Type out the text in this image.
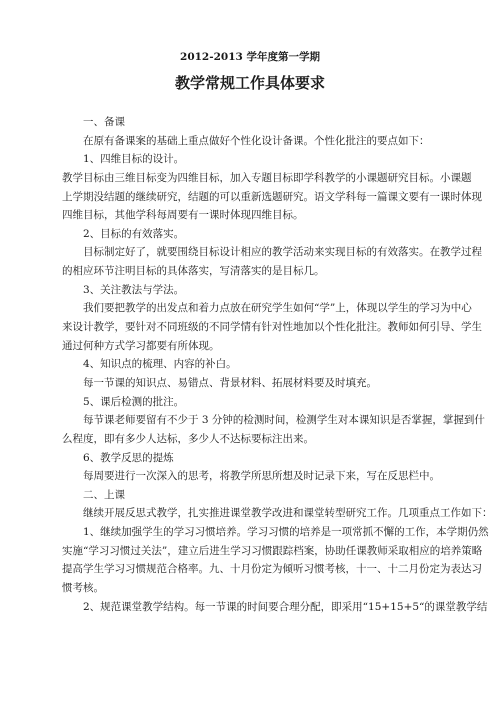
2012-2013 学年度第一学期
教学常规工作具体要求
一、备课
在原有备课案的基础上重点做好个性化设计备课。个性化批注的要点如下：
1、四维目标的设计。
教学目标由三维目标变为四维目标，加入专题目标即学科教学的小课题研究目标。小课题
上学期没结题的继续研究，结题的可以重新选题研究。语文学科每一篇课文要有一课时体现
四维目标，其他学科每周要有一课时体现四维目标。
2、目标的有效落实。
目标制定好了，就要围绕目标设计相应的教学活动来实现目标的有效落实。在教学过程
的相应环节注明目标的具体落实，写清落实的是目标几。
3、关注教法与学法。
我们要把教学的出发点和着力点放在研究学生如何“学”上，体现以学生的学习为中心
来设计教学，要针对不同班级的不同学情有针对性地加以个性化批注。教师如何引导、学生
通过何种方式学习都要有所体现。
4、知识点的梳理、内容的补白。
每一节课的知识点、易错点、背景材料、拓展材料要及时填充。
5、课后检测的批注。
每节课老师要留有不少于 3 分钟的检测时间，检测学生对本课知识是否掌握，掌握到什
么程度，即有多少人达标，多少人不达标要标注出来。
6、教学反思的提炼
每周要进行一次深入的思考，将教学所思所想及时记录下来，写在反思栏中。
二、上课
继续开展反思式教学，扎实推进课堂教学改进和课堂转型研究工作。几项重点工作如下：
1、继续加强学生的学习习惯培养。学习习惯的培养是一项常抓不懈的工作，本学期仍然
实施“学习习惯过关法”，建立后进生学习习惯跟踪档案，协助任课教师采取相应的培养策略
提高学生学习习惯规范合格率。九、十月份定为倾听习惯考核，十一、十二月份定为表达习
惯考核。
2、规范课堂教学结构。每一节课的时间要合理分配，即采用“15+15+5“的课堂教学结
